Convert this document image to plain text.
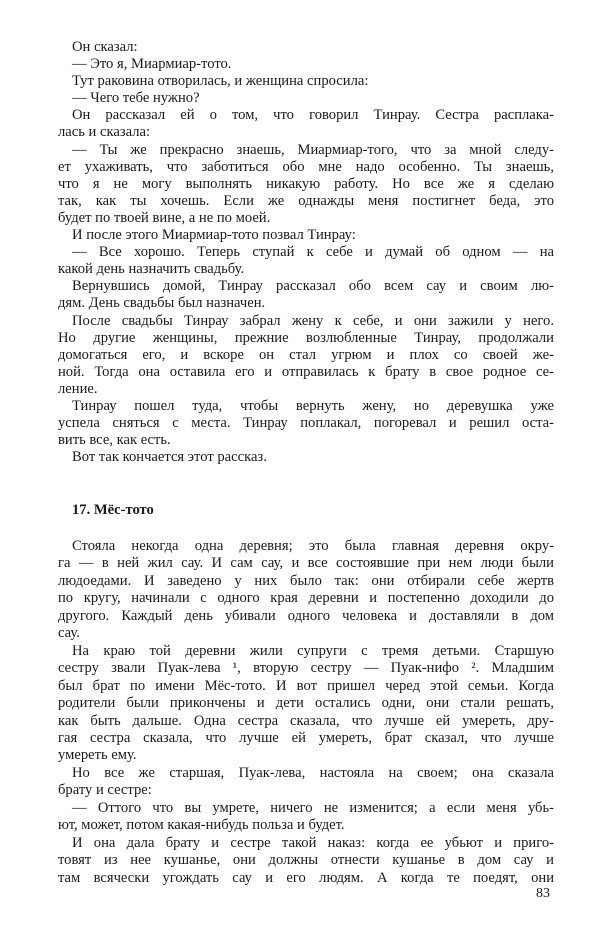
Он сказал:
— Это я, Миармиар-тото.
Тут раковина отворилась, и женщина спросила:
— Чего тебе нужно?
Он рассказал ей о том, что говорил Тинрау. Сестра расплака-
лась и сказала:
— Ты же прекрасно знаешь, Миармиар-того, что за мной следу-
ет ухаживать, что заботиться обо мне надо особенно. Ты знаешь,
что я не могу выполнять никакую работу. Но все же я сделаю
так, как ты хочешь. Если же однажды меня постигнет беда, это
будет по твоей вине, а не по моей.
И после этого Миармиар-тото позвал Тинрау:
— Все хорошо. Теперь ступай к себе и думай об одном — на
какой день назначить свадьбу.
Вернувшись домой, Тинрау рассказал обо всем сау и своим лю-
дям. День свадьбы был назначен.
После свадьбы Тинрау забрал жену к себе, и они зажили у него.
Но другие женщины, прежние возлюбленные Тинрау, продолжали
домогаться его, и вскоре он стал угрюм и плох со своей же-
ной. Тогда она оставила его и отправилась к брату в свое родное се-
ление.
Тинрау пошел туда, чтобы вернуть жену, но деревушка уже
успела сняться с места. Тинрау поплакал, погоревал и решил оста-
вить все, как есть.
Вот так кончается этот рассказ.
17. Мёс-тото
Стояла некогда одна деревня; это была главная деревня окру-
га — в ней жил сау. И сам сау, и все состоявшие при нем люди были
людоедами. И заведено у них было так: они отбирали себе жертв
по кругу, начинали с одного края деревни и постепенно доходили до
другого. Каждый день убивали одного человека и доставляли в дом
сау.
На краю той деревни жили супруги с тремя детьми. Старшую
сестру звали Пуак-лева ¹, вторую сестру — Пуак-нифо ². Младшим
был брат по имени Мёс-тото. И вот пришел черед этой семьи. Когда
родители были прикончены и дети остались одни, они стали решать,
как быть дальше. Одна сестра сказала, что лучше ей умереть, дру-
гая сестра сказала, что лучше ей умереть, брат сказал, что лучше
умереть ему.
Но все же старшая, Пуак-лева, настояла на своем; она сказала
брату и сестре:
— Оттого что вы умрете, ничего не изменится; а если меня убь-
ют, может, потом какая-нибудь польза и будет.
И она дала брату и сестре такой наказ: когда ее убьют и приго-
товят из нее кушанье, они должны отнести кушанье в дом сау и
там всячески угождать сау и его людям. А когда те поедят, они
83
